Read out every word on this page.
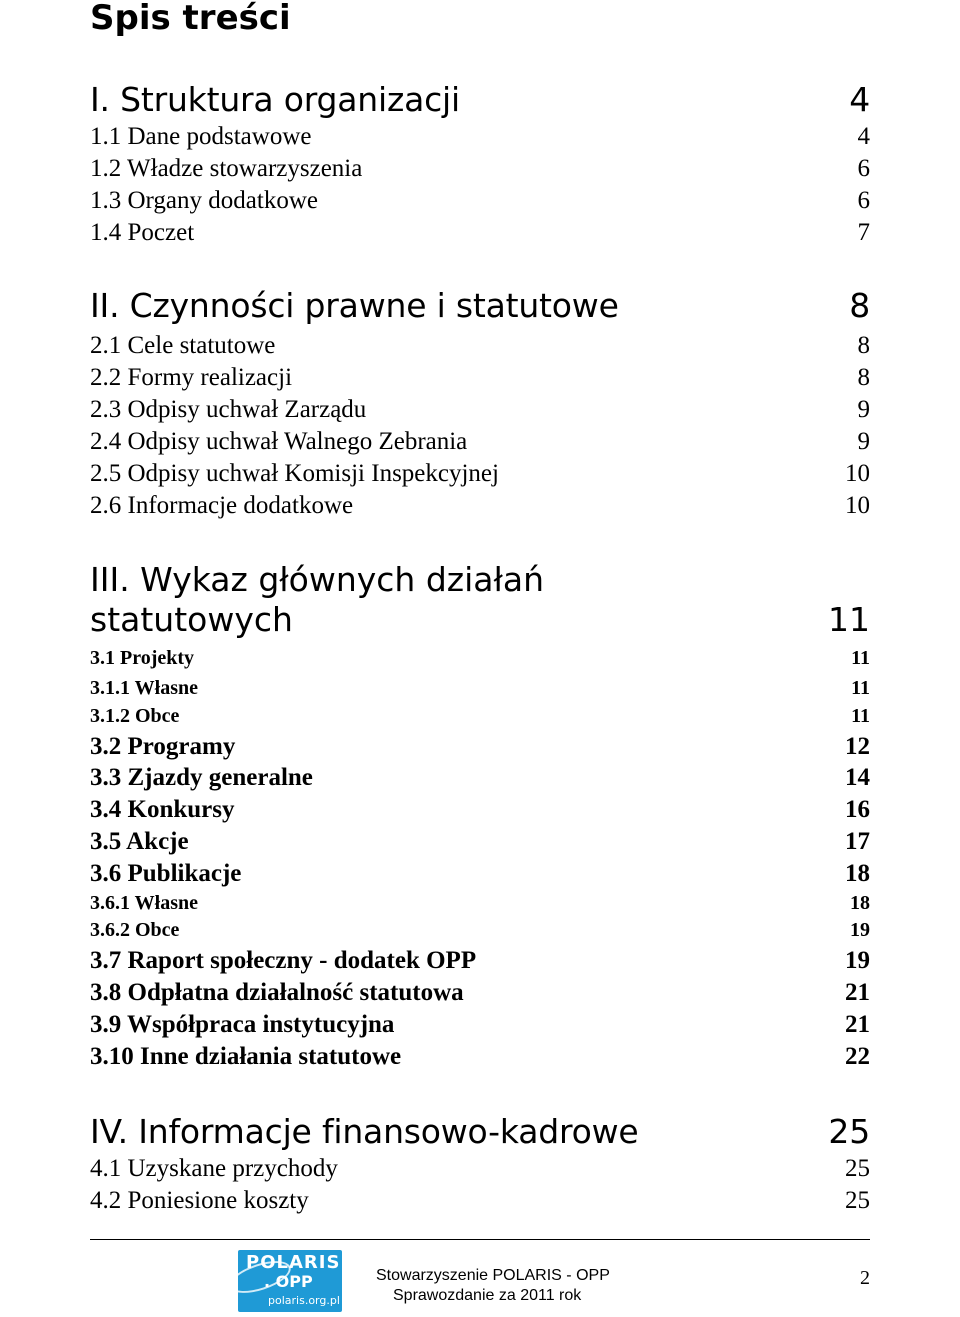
Spis treści
I. Struktura organizacji	4
1.1 Dane podstawowe	4
1.2 Władze stowarzyszenia	6
1.3 Organy dodatkowe	6
1.4 Poczet	7
II. Czynności prawne i statutowe	8
2.1 Cele statutowe	8
2.2 Formy realizacji	8
2.3 Odpisy uchwał Zarządu	9
2.4 Odpisy uchwał Walnego Zebrania	9
2.5 Odpisy uchwał Komisji Inspekcyjnej	10
2.6 Informacje dodatkowe	10
III. Wykaz głównych działań
statutowych	11
3.1 Projekty	11
3.1.1 Własne	11
3.1.2 Obce	11
3.2 Programy	12
3.3 Zjazdy generalne	14
3.4 Konkursy	16
3.5 Akcje	17
3.6 Publikacje	18
3.6.1 Własne	18
3.6.2 Obce	19
3.7 Raport społeczny - dodatek OPP	19
3.8 Odpłatna działalność statutowa	21
3.9 Współpraca instytucyjna	21
3.10 Inne działania statutowe	22
IV. Informacje finansowo-kadrowe	25
4.1 Uzyskane przychody	25
4.2 Poniesione koszty	25
POLARIS
. OPP
polaris.org.pl
Stowarzyszenie POLARIS - OPP
Sprawozdanie za 2011 rok
2
